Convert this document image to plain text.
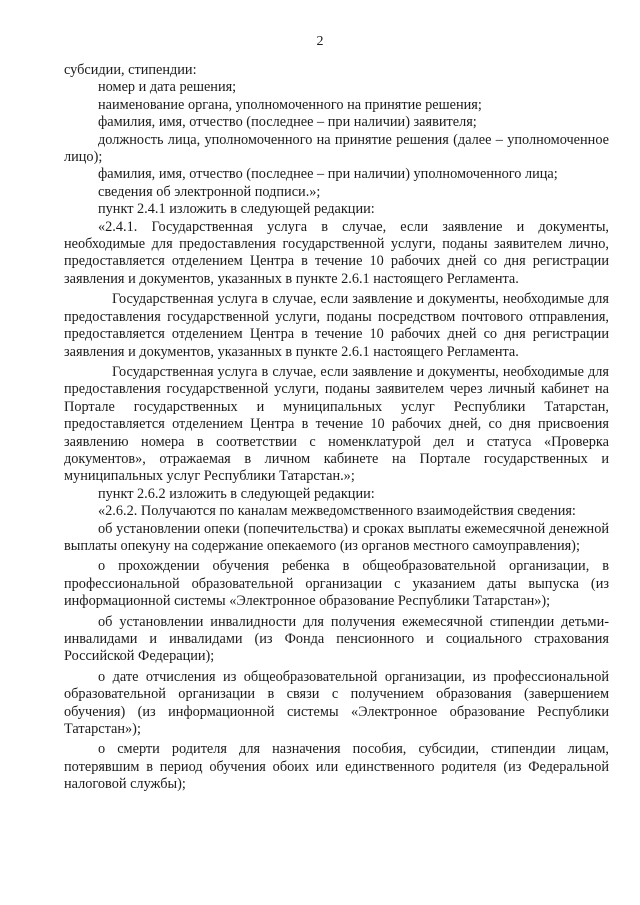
2

субсидии, стипендии:

номер и дата решения;

наименование органа, уполномоченного на принятие решения;

фамилия, имя, отчество (последнее – при наличии) заявителя;

должность лица, уполномоченного на принятие решения (далее – уполномоченное лицо);

фамилия, имя, отчество (последнее – при наличии) уполномоченного лица;

сведения об электронной подписи.»;

пункт 2.4.1 изложить в следующей редакции:

«2.4.1. Государственная услуга в случае, если заявление и документы, необходимые для предоставления государственной услуги, поданы заявителем лично, предоставляется отделением Центра в течение 10 рабочих дней со дня регистрации заявления и документов, указанных в пункте 2.6.1 настоящего Регламента.

Государственная услуга в случае, если заявление и документы, необходимые для предоставления государственной услуги, поданы посредством почтового отправления, предоставляется отделением Центра в течение 10 рабочих дней со дня регистрации заявления и документов, указанных в пункте 2.6.1 настоящего Регламента.

Государственная услуга в случае, если заявление и документы, необходимые для предоставления государственной услуги, поданы заявителем через личный кабинет на Портале государственных и муниципальных услуг Республики Татарстан, предоставляется отделением Центра в течение 10 рабочих дней, со дня присвоения заявлению номера в соответствии с номенклатурой дел и статуса «Проверка документов», отражаемая в личном кабинете на Портале государственных и муниципальных услуг Республики Татарстан.»;

пункт 2.6.2 изложить в следующей редакции:

«2.6.2. Получаются по каналам межведомственного взаимодействия сведения:

об установлении опеки (попечительства) и сроках выплаты ежемесячной денежной выплаты опекуну на содержание опекаемого (из органов местного самоуправления);

о прохождении обучения ребенка в общеобразовательной организации, в профессиональной образовательной организации с указанием даты выпуска (из информационной системы «Электронное образование Республики Татарстан»);

об установлении инвалидности для получения ежемесячной стипендии детьми-инвалидами и инвалидами (из Фонда пенсионного и социального страхования Российской Федерации);

о дате отчисления из общеобразовательной организации, из профессиональной образовательной организации в связи с получением образования (завершением обучения) (из информационной системы «Электронное образование Республики Татарстан»);

о смерти родителя для назначения пособия, субсидии, стипендии лицам, потерявшим в период обучения обоих или единственного родителя (из Федеральной налоговой службы);
